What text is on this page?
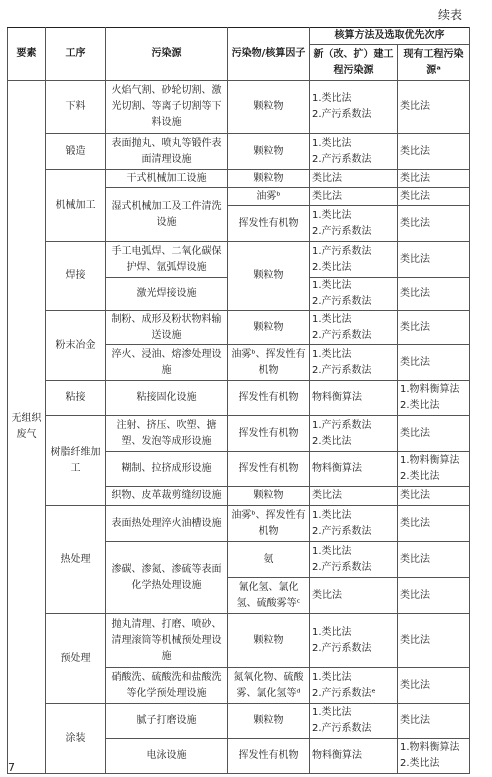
续表
要素	工序	污染源	污染物/核算因子	核算方法及选取优先次序	
				新（改、扩）建工程污染源	现有工程污染源ᵃ
无组织废气	下料	火焰气割、砂轮切割、激光切割、等离子切割等下料设施	颗粒物	1.类比法
2.产污系数法	类比法
	锻造	表面抛丸、喷丸等锻件表面清理设施	颗粒物	1.类比法
2.产污系数法	类比法
	机械加工	干式机械加工设施	颗粒物	类比法	类比法
		湿式机械加工及工件清洗设施	油雾ᵇ	类比法	类比法
			挥发性有机物	1.类比法
2.产污系数法	类比法
	焊接	手工电弧焊、二氧化碳保护焊、氩弧焊设施	颗粒物	1.产污系数法
2.类比法	类比法
		激光焊接设施		1.类比法
2.产污系数法	类比法
	粉末冶金	制粉、成形及粉状物料输送设施	颗粒物	1.类比法
2.产污系数法	类比法
		淬火、浸油、熔渗处理设施	油雾ᵇ、挥发性有机物	1.类比法
2.产污系数法	类比法
	粘接	粘接固化设施	挥发性有机物	物料衡算法	1.物料衡算法
2.类比法
	树脂纤维加工	注射、挤压、吹塑、搪塑、发泡等成形设施	挥发性有机物	1.产污系数法
2.类比法	类比法
		糊制、拉挤成形设施	挥发性有机物	物料衡算法	1.物料衡算法
2.类比法
		织物、皮革裁剪缝纫设施	颗粒物	类比法	类比法
	热处理	表面热处理淬火油槽设施	油雾ᵇ、挥发性有机物	1.类比法
2.产污系数法	类比法
		渗碳、渗氮、渗硫等表面化学热处理设施	氨	1.类比法
2.产污系数法	类比法
			氰化氢、氯化氢、硫酸雾等ᶜ	类比法	类比法
	预处理	抛丸清理、打磨、喷砂、清理滚筒等机械预处理设施	颗粒物	1.类比法
2.产污系数法	类比法
		硝酸洗、硫酸洗和盐酸洗等化学预处理设施	氮氧化物、硫酸雾、氯化氢等ᵈ	1.类比法
2.产污系数法ᵉ	类比法
	涂装	腻子打磨设施	颗粒物	1.类比法
2.产污系数法	类比法
		电泳设施	挥发性有机物	物料衡算法	1.物料衡算法
2.类比法
7
